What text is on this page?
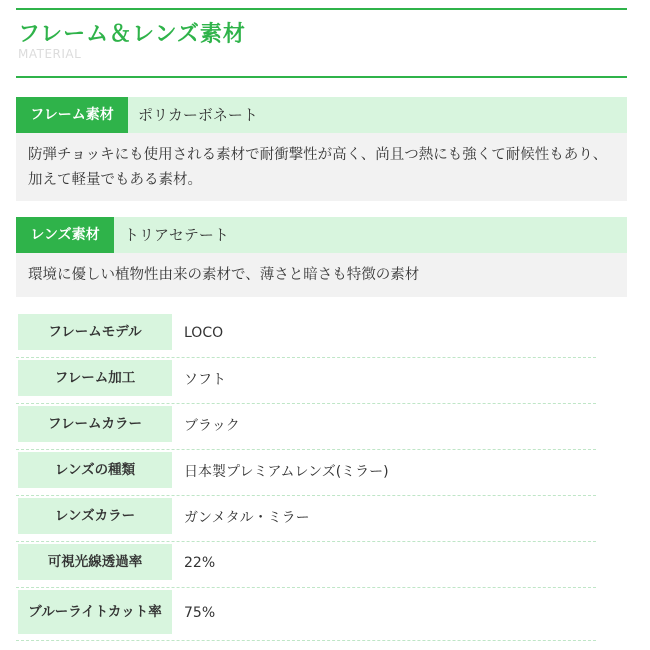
フレーム＆レンズ素材
MATERIAL
フレーム素材	ポリカーボネート
防弾チョッキにも使用される素材で耐衝撃性が高く、尚且つ熱にも強くて耐候性もあり、加えて軽量でもある素材。
レンズ素材	トリアセテート
環境に優しい植物性由来の素材で、薄さと暗さも特徴の素材
フレームモデル	LOCO
フレーム加工	ソフト
フレームカラー	ブラック
レンズの種類	日本製プレミアムレンズ(ミラー)
レンズカラー	ガンメタル・ミラー
可視光線透過率	22%
ブルーライトカット率	75%
